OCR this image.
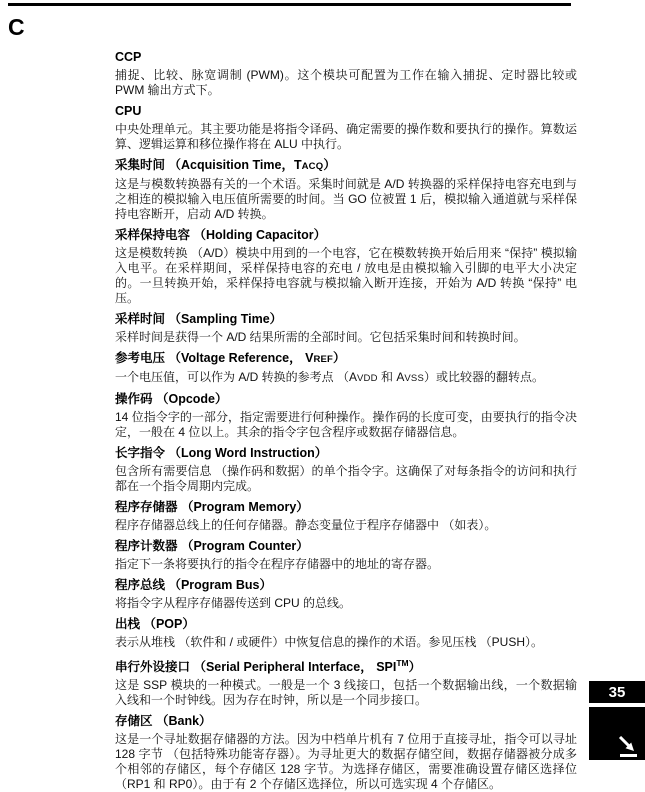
C
CCP

捕捉、比较、脉宽调制 (PWM)。这个模块可配置为工作在输入捕捉、定时器比较或 PWM 输出方式下。

CPU

中央处理单元。其主要功能是将指令译码、确定需要的操作数和要执行的操作。算数运算、逻辑运算和移位操作将在 ALU 中执行。

采集时间 （Acquisition Time，TACQ）

这是与模数转换器有关的一个术语。采集时间就是 A/D 转换器的采样保持电容充电到与之相连的模拟输入电压值所需要的时间。当 GO 位被置 1 后，模拟输入通道就与采样保持电容断开，启动 A/D 转换。

采样保持电容 （Holding Capacitor）

这是模数转换 （A/D）模块中用到的一个电容，它在模数转换开始后用来 “保持” 模拟输入电平。在采样期间，采样保持电容的充电 / 放电是由模拟输入引脚的电平大小决定的。一旦转换开始，采样保持电容就与模拟输入断开连接，开始为 A/D 转换 “保持” 电压。

采样时间 （Sampling Time）

采样时间是获得一个 A/D 结果所需的全部时间。它包括采集时间和转换时间。

参考电压 （Voltage Reference， VREF）

一个电压值，可以作为 A/D 转换的参考点 （AVDD 和 AVSS）或比较器的翻转点。

操作码 （Opcode）

14 位指令字的一部分，指定需要进行何种操作。操作码的长度可变，由要执行的指令决定，一般在 4 位以上。其余的指令字包含程序或数据存储器信息。

长字指令 （Long Word Instruction）

包含所有需要信息 （操作码和数据）的单个指令字。这确保了对每条指令的访问和执行都在一个指令周期内完成。

程序存储器 （Program Memory）

程序存储器总线上的任何存储器。静态变量位于程序存储器中 （如表）。

程序计数器 （Program Counter）

指定下一条将要执行的指令在程序存储器中的地址的寄存器。

程序总线 （Program Bus）

将指令字从程序存储器传送到 CPU 的总线。

出栈 （POP）

表示从堆栈 （软件和 / 或硬件）中恢复信息的操作的术语。参见压栈 （PUSH）。

串行外设接口 （Serial Peripheral Interface， SPI™）

这是 SSP 模块的一种模式。一般是一个 3 线接口，包括一个数据输出线，一个数据输入线和一个时钟线。因为存在时钟，所以是一个同步接口。

存储区 （Bank）

这是一个寻址数据存储器的方法。因为中档单片机有 7 位用于直接寻址，指令可以寻址 128 字节 （包括特殊功能寄存器）。为寻址更大的数据存储空间，数据存储器被分成多个相邻的存储区，每个存储区 128 字节。为选择存储区，需要准确设置存储区选择位 （RP1 和 RP0）。由于有 2 个存储区选择位，所以可选实现 4 个存储区。

35
